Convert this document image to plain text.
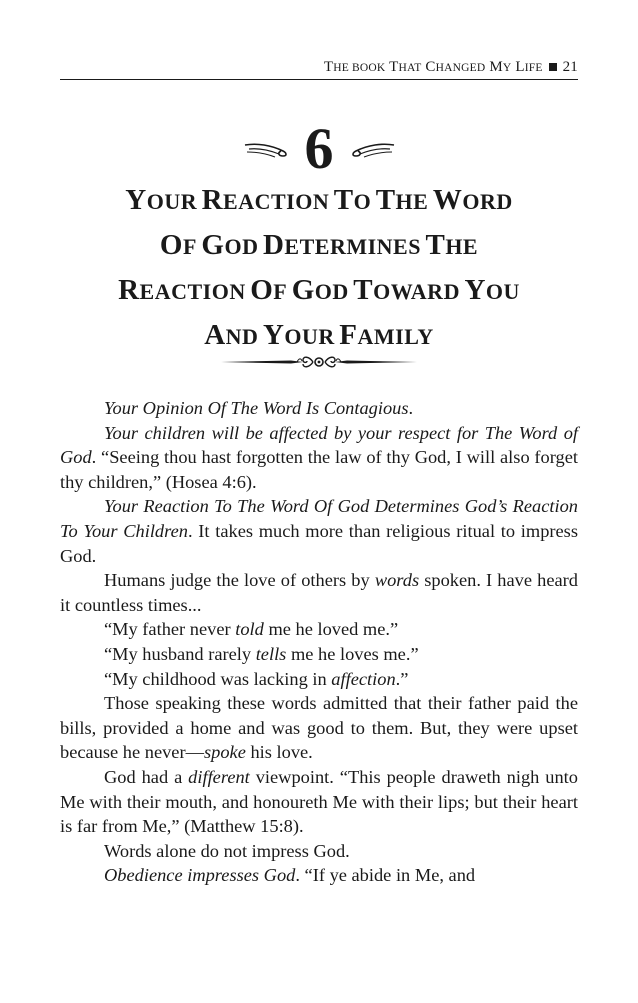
THE BOOK THAT CHANGED MY LIFE 21
6
YOUR REACTION TO THE WORD
OF GOD DETERMINES THE
REACTION OF GOD TOWARD YOU
AND YOUR FAMILY

Your Opinion Of The Word Is Contagious.

Your children will be affected by your respect for The Word of God. “Seeing thou hast forgotten the law of thy God, I will also forget thy children,” (Hosea 4:6).

Your Reaction To The Word Of God Determines God’s Reaction To Your Children. It takes much more than religious ritual to impress God.

Humans judge the love of others by words spoken. I have heard it countless times...

“My father never told me he loved me.”

“My husband rarely tells me he loves me.”

“My childhood was lacking in affection.”

Those speaking these words admitted that their father paid the bills, provided a home and was good to them. But, they were upset because he never—spoke his love.

God had a different viewpoint. “This people draweth nigh unto Me with their mouth, and honoureth Me with their lips; but their heart is far from Me,” (Matthew 15:8).

Words alone do not impress God.

Obedience impresses God. “If ye abide in Me, and
